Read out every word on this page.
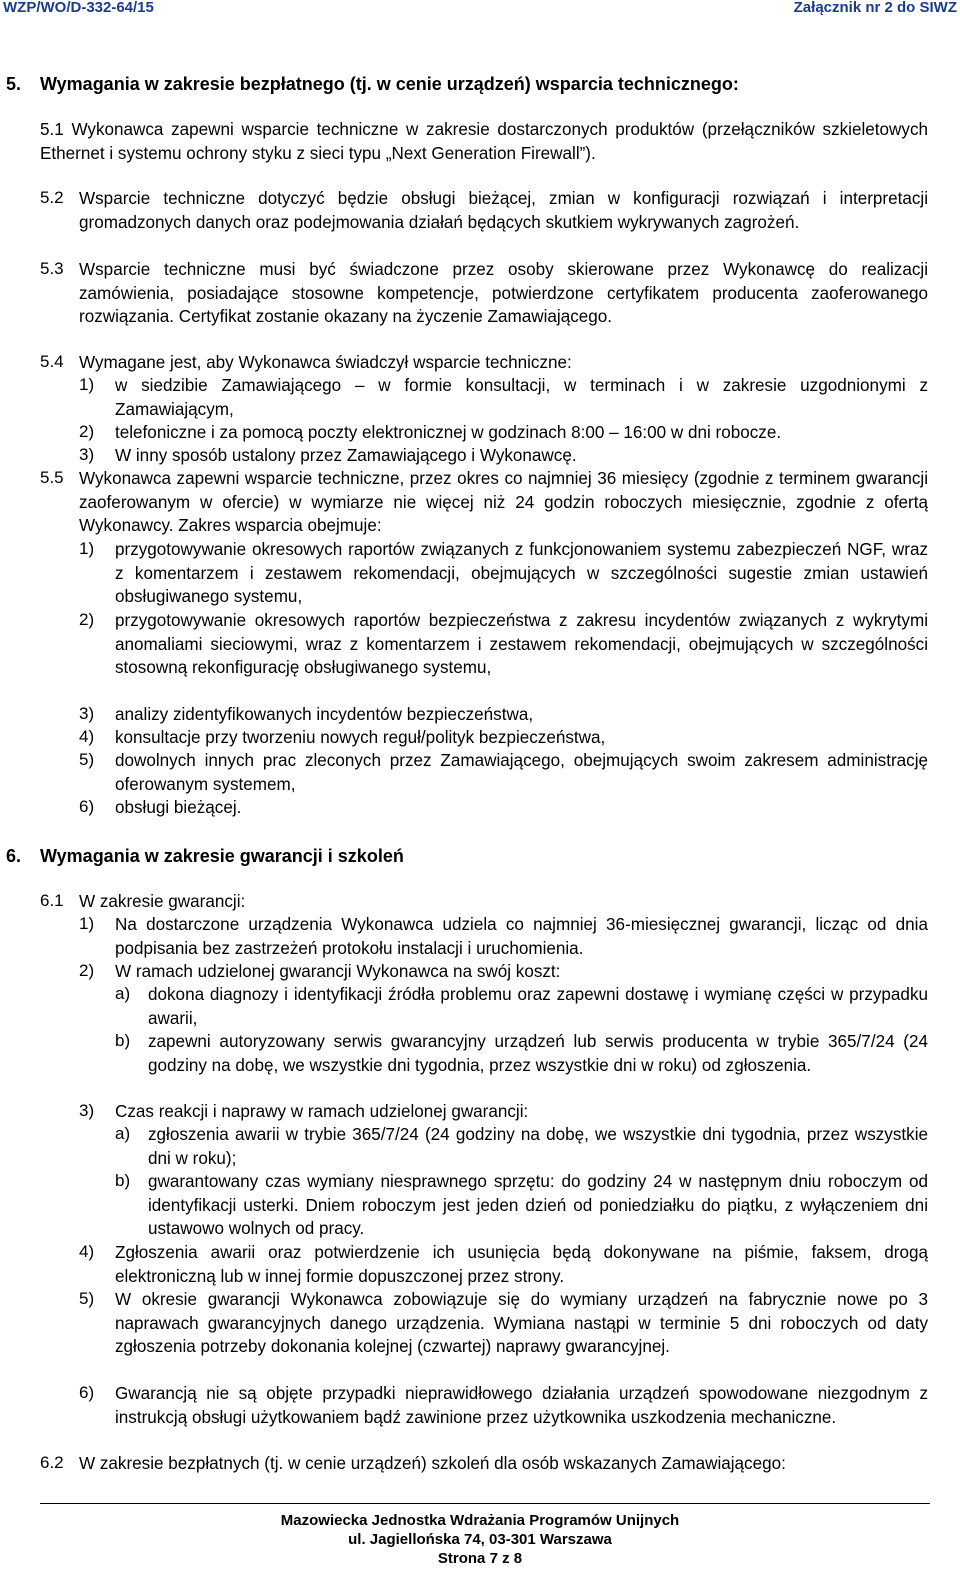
WZP/WO/D-332-64/15	Załącznik nr 2 do SIWZ
5. Wymagania w zakresie bezpłatnego (tj. w cenie urządzeń) wsparcia technicznego:
5.1 Wykonawca zapewni wsparcie techniczne w zakresie dostarczonych produktów (przełączników szkieletowych Ethernet i systemu ochrony styku z sieci typu „Next Generation Firewall”).
5.2 Wsparcie techniczne dotyczyć będzie obsługi bieżącej, zmian w konfiguracji rozwiązań i interpretacji gromadzonych danych oraz podejmowania działań będących skutkiem wykrywanych zagrożeń.
5.3 Wsparcie techniczne musi być świadczone przez osoby skierowane przez Wykonawcę do realizacji zamówienia, posiadające stosowne kompetencje, potwierdzone certyfikatem producenta zaoferowanego rozwiązania. Certyfikat zostanie okazany na życzenie Zamawiającego.
5.4 Wymagane jest, aby Wykonawca świadczył wsparcie techniczne:
1) w siedzibie Zamawiającego – w formie konsultacji, w terminach i w zakresie uzgodnionymi z Zamawiającym,
2) telefoniczne i za pomocą poczty elektronicznej w godzinach 8:00 – 16:00 w dni robocze.
3) W inny sposób ustalony przez Zamawiającego i Wykonawcę.
5.5 Wykonawca zapewni wsparcie techniczne, przez okres co najmniej 36 miesięcy (zgodnie z terminem gwarancji zaoferowanym w ofercie) w wymiarze nie więcej niż 24 godzin roboczych miesięcznie, zgodnie z ofertą Wykonawcy. Zakres wsparcia obejmuje:
1) przygotowywanie okresowych raportów związanych z funkcjonowaniem systemu zabezpieczeń NGF, wraz z komentarzem i zestawem rekomendacji, obejmujących w szczególności sugestie zmian ustawień obsługiwanego systemu,
2) przygotowywanie okresowych raportów bezpieczeństwa z zakresu incydentów związanych z wykrytymi anomaliami sieciowymi, wraz z komentarzem i zestawem rekomendacji, obejmujących w szczególności stosowną rekonfigurację obsługiwanego systemu,
3) analizy zidentyfikowanych incydentów bezpieczeństwa,
4) konsultacje przy tworzeniu nowych reguł/polityk bezpieczeństwa,
5) dowolnych innych prac zleconych przez Zamawiającego, obejmujących swoim zakresem administrację oferowanym systemem,
6) obsługi bieżącej.
6. Wymagania w zakresie gwarancji i szkoleń
6.1 W zakresie gwarancji:
1) Na dostarczone urządzenia Wykonawca udziela co najmniej 36-miesięcznej gwarancji, licząc od dnia podpisania bez zastrzeżeń protokołu instalacji i uruchomienia.
2) W ramach udzielonej gwarancji Wykonawca na swój koszt:
a) dokona diagnozy i identyfikacji źródła problemu oraz zapewni dostawę i wymianę części w przypadku awarii,
b) zapewni autoryzowany serwis gwarancyjny urządzeń lub serwis producenta w trybie 365/7/24 (24 godziny na dobę, we wszystkie dni tygodnia, przez wszystkie dni w roku) od zgłoszenia.
3) Czas reakcji i naprawy w ramach udzielonej gwarancji:
a) zgłoszenia awarii w trybie 365/7/24 (24 godziny na dobę, we wszystkie dni tygodnia, przez wszystkie dni w roku);
b) gwarantowany czas wymiany niesprawnego sprzętu: do godziny 24 w następnym dniu roboczym od identyfikacji usterki. Dniem roboczym jest jeden dzień od poniedziałku do piątku, z wyłączeniem dni ustawowo wolnych od pracy.
4) Zgłoszenia awarii oraz potwierdzenie ich usunięcia będą dokonywane na piśmie, faksem, drogą elektroniczną lub w innej formie dopuszczonej przez strony.
5) W okresie gwarancji Wykonawca zobowiązuje się do wymiany urządzeń na fabrycznie nowe po 3 naprawach gwarancyjnych danego urządzenia. Wymiana nastąpi w terminie 5 dni roboczych od daty zgłoszenia potrzeby dokonania kolejnej (czwartej) naprawy gwarancyjnej.
6) Gwarancją nie są objęte przypadki nieprawidłowego działania urządzeń spowodowane niezgodnym z instrukcją obsługi użytkowaniem bądź zawinione przez użytkownika uszkodzenia mechaniczne.
6.2 W zakresie bezpłatnych (tj. w cenie urządzeń) szkoleń dla osób wskazanych Zamawiającego:
Mazowiecka Jednostka Wdrażania Programów Unijnych
ul. Jagiellońska 74, 03-301 Warszawa
Strona 7 z 8
